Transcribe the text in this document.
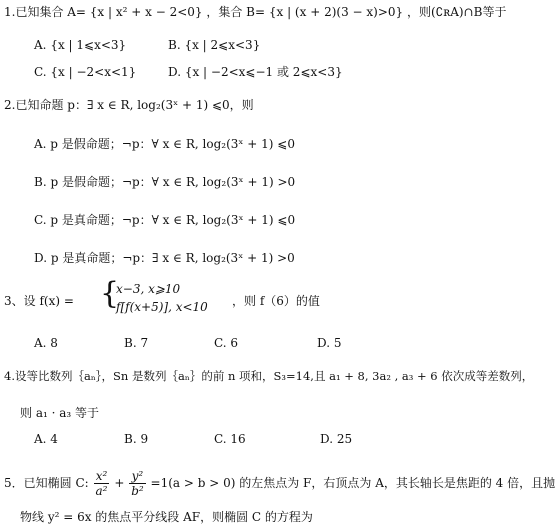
1.已知集合 A= {x | x² + x − 2<0} ，集合 B= {x | (x + 2)(3 − x)>0} ，则(∁ʀA)∩B等于
A. {x | 1⩽x<3}	B. {x | 2⩽x<3}
C. {x | −2<x<1}	D. {x | −2<x⩽−1 或 2⩽x<3}
2.已知命题 p：∃ x ∈ R, log₂(3ˣ + 1) ⩽0，则
A. p 是假命题；¬p：∀ x ∈ R, log₂(3ˣ + 1) ⩽0
B. p 是假命题；¬p：∀ x ∈ R, log₂(3ˣ + 1) >0
C. p 是真命题；¬p：∀ x ∈ R, log₂(3ˣ + 1) ⩽0
D. p 是真命题；¬p：∃ x ∈ R, log₂(3ˣ + 1) >0
3、设 f(x) = {
x−3, x⩾10
f[f(x+5)], x<10 ，则 f（6）的值
A. 8	B. 7	C. 6	D. 5
4.设等比数列｛aₙ｝，Sn 是数列｛aₙ｝的前 n 项和，S₃=14,且 a₁ + 8, 3a₂ , a₃ + 6 依次成等差数列，
则 a₁ · a₃ 等于
A. 4	B. 9	C. 16	D. 25
5．已知椭圆 C: $\frac{\text{x²}}{\text{a²}} + \frac{\text{y²}}{\text{b²}} =1(a > b > 0)$ 的左焦点为 F，右顶点为 A，其长轴长是焦距的 4 倍，且抛
物线 y² = 6x 的焦点平分线段 AF，则椭圆 C 的方程为
